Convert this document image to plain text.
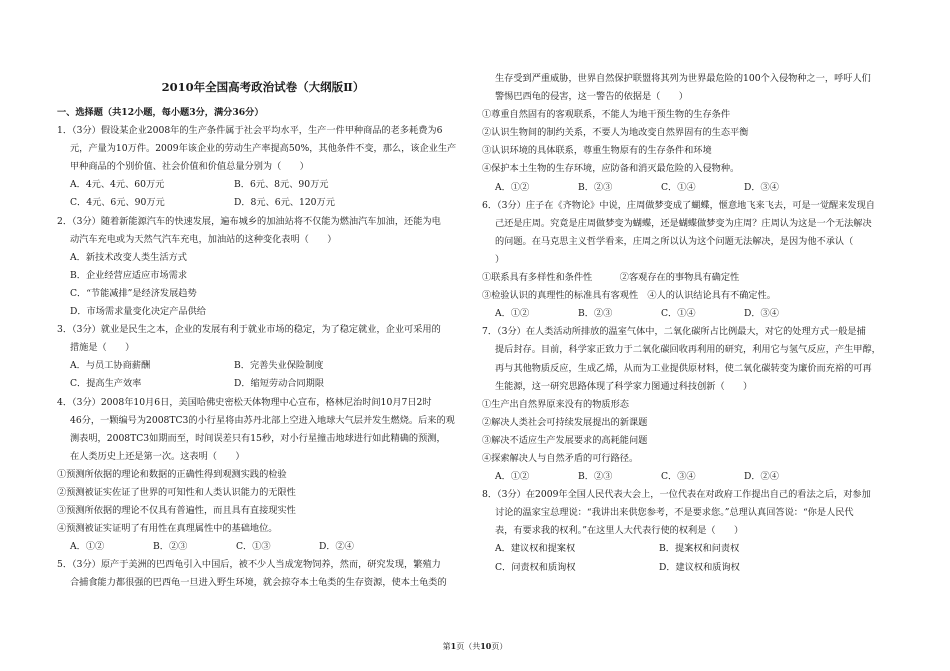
2010年全国高考政治试卷（大纲版Ⅱ）
一、选择题（共12小题，每小题3分，满分36分）
1．（3分）假设某企业2008年的生产条件属于社会平均水平，生产一件甲种商品的老多耗费为6
元，产量为10万件。2009年该企业的劳动生产率提高50%，其他条件不变，那么，该企业生产
甲种商品的个别价值、社会价值和价值总量分别为（　　）
A．4元、4元、60万元	B．6元、8元、90万元
C．4元、6元、90万元	D．8元、6元、120万元
2．（3分）随着新能源汽车的快速发展，遍布城乡的加油站将不仅能为燃油汽车加油，还能为电
动汽车充电或为天然气汽车充电，加油站的这种变化表明（　　）
A．新技术改变人类生活方式
B．企业经营应适应市场需求
C．“节能减排”是经济发展趋势
D．市场需求量变化决定产品供给
3．（3分）就业是民生之本，企业的发展有利于就业市场的稳定，为了稳定就业，企业可采用的
措施是（　　）
A．与员工协商薪酬	B．完善失业保险制度
C．提高生产效率	D．缩短劳动合同期限
4．（3分）2008年10月6日，美国哈佛史密松天体物理中心宣布，格林尼治时间10月7日2时
46分，一颗编号为2008TC3的小行星将由苏丹北部上空进入地球大气层并发生燃烧。后来的观
测表明，2008TC3如期而至，时间误差只有15秒，对小行星撞击地球进行如此精确的预测，
在人类历史上还是第一次。这表明（　　）
①预测所依据的理论和数据的正确性得到观测实践的检验
②预测被证实佐证了世界的可知性和人类认识能力的无限性
③预测所依据的理论不仅具有普遍性，而且具有直接现实性
④预测被证实证明了有用性在真理属性中的基础地位。
A．①②	B．②③	C．①③	D．②④
5．（3分）原产于美洲的巴西龟引入中国后，被不少人当成宠物饲养，然而，研究发现，繁殖力
合捕食能力都很强的巴西龟一旦进入野生环境，就会掠夺本土龟类的生存资源，使本土龟类的
生存受到严重威胁，世界自然保护联盟将其列为世界最危险的100个入侵物种之一，呼吁人们
警惕巴西龟的侵害，这一警告的依据是（　　）
①尊重自然固有的客观联系，不能人为地干预生物的生存条件
②认识生物间的制约关系，不要人为地改变自然界固有的生态平衡
③认识环境的具体联系，尊重生物原有的生存条件和环境
④保护本土生物的生存环境，应防备和消灭最危险的入侵物种。
A．①②	B．②③	C．①④	D．③④
6．（3分）庄子在《齐物论》中说，庄周做梦变成了蝴蝶，惬意地飞来飞去，可是一觉醒来发现自
己还是庄周。究竟是庄周做梦变为蝴蝶，还是蝴蝶做梦变为庄周？庄周认为这是一个无法解决
的问题。在马克思主义哲学看来，庄周之所以认为这个问题无法解决，是因为他不承认（
）
①联系具有多样性和条件性　　　②客观存在的事物具有确定性
③检验认识的真理性的标准具有客观性　④人的认识结论具有不确定性。
A．①②	B．②③	C．①④	D．③④
7．（3分）在人类活动所排放的温室气体中，二氧化碳所占比例最大，对它的处理方式一般是捕
提后封存。目前，科学家正致力于二氧化碳回收再利用的研究，利用它与氢气反应，产生甲醇，
再与其他物质反应，生成乙烯，从而为工业提供原材料，使二氧化碳转变为廉价而充裕的可再
生能源，这一研究思路体现了科学家力图通过科技创新（　　）
①生产出自然界原来没有的物质形态
②解决人类社会可持续发展提出的新课题
③解决不适应生产发展要求的高耗能问题
④探索解决人与自然矛盾的可行路径。
A．①②	B．②③	C．③④	D．②④
8．（3分）在2009年全国人民代表大会上，一位代表在对政府工作提出自己的看法之后，对参加
讨论的温家宝总理说：“我讲出来供您参考，不是要求您。”总理认真回答说：“你是人民代
表，有要求我的权利。”在这里人大代表行使的权利是（　　）
A．建议权和提案权	B．提案权和问责权
C．问责权和质询权	D．建议权和质询权
第1页（共10页）
